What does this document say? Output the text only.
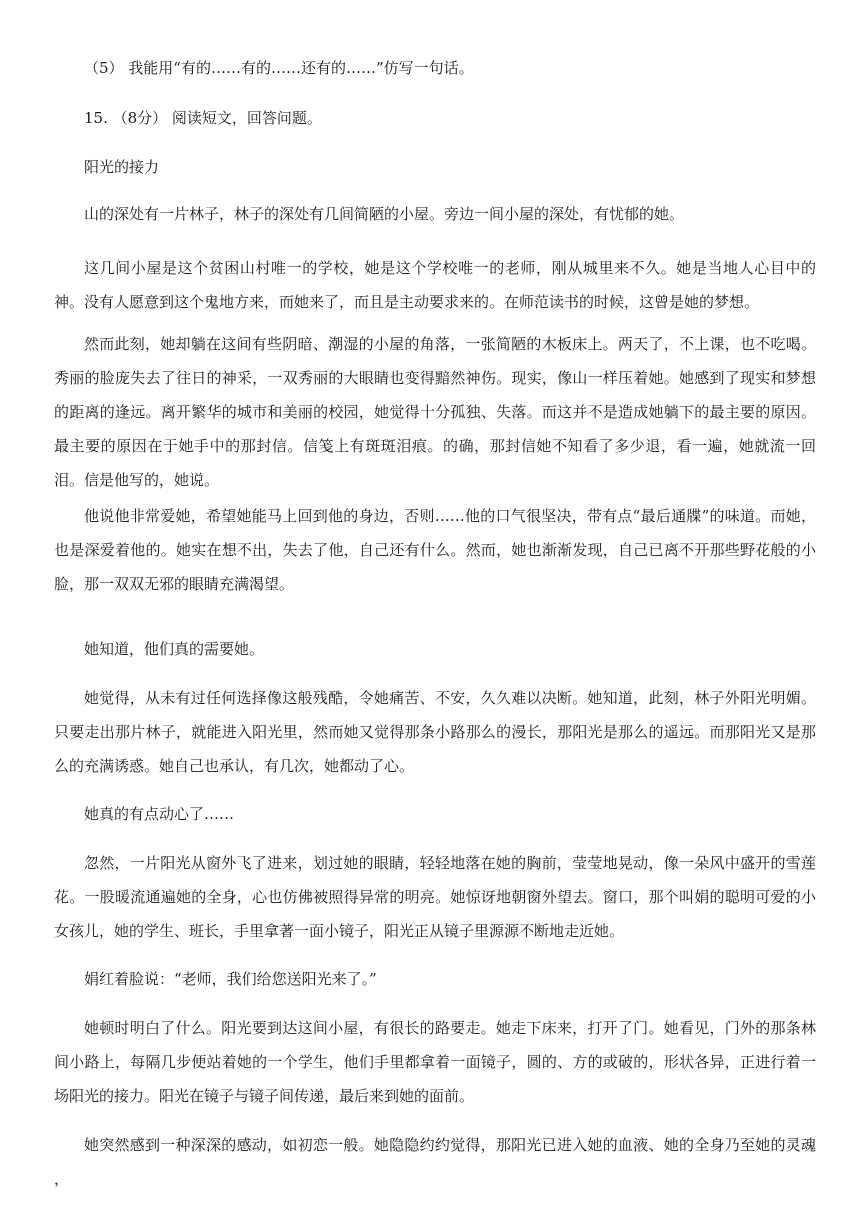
（5） 我能用“有的……有的……还有的……”仿写一句话。
15. （8分） 阅读短文，回答问题。
阳光的接力
山的深处有一片林子，林子的深处有几间简陋的小屋。旁边一间小屋的深处，有忧郁的她。
这几间小屋是这个贫困山村唯一的学校，她是这个学校唯一的老师，刚从城里来不久。她是当地人心目中的神。没有人愿意到这个鬼地方来，而她来了，而且是主动要求来的。在师范读书的时候，这曾是她的梦想。
然而此刻，她却躺在这间有些阴暗、潮湿的小屋的角落，一张简陋的木板床上。两天了，不上课，也不吃喝。秀丽的脸庞失去了往日的神采，一双秀丽的大眼睛也变得黯然神伤。现实，像山一样压着她。她感到了现实和梦想的距离的逢远。离开繁华的城市和美丽的校园，她觉得十分孤独、失落。而这并不是造成她躺下的最主要的原因。最主要的原因在于她手中的那封信。信笺上有斑斑泪痕。的确，那封信她不知看了多少退，看一遍，她就流一回泪。信是他写的，她说。
他说他非常爱她，希望她能马上回到他的身边，否则……他的口气很坚决，带有点“最后通牒”的味道。而她，也是深爱着他的。她实在想不出，失去了他，自己还有什么。然而，她也渐渐发现，自己已离不开那些野花般的小脸，那一双双无邪的眼睛充满渴望。
她知道，他们真的需要她。
她觉得，从未有过任何选择像这般残酷，令她痛苦、不安，久久难以决断。她知道，此刻，林子外阳光明媚。只要走出那片林子，就能进入阳光里，然而她又觉得那条小路那么的漫长，那阳光是那么的遥远。而那阳光又是那么的充满诱惑。她自己也承认，有几次，她都动了心。
她真的有点动心了……
忽然，一片阳光从窗外飞了进来，划过她的眼睛，轻轻地落在她的胸前，莹莹地晃动，像一朵风中盛开的雪莲花。一股暖流通遍她的全身，心也仿佛被照得异常的明亮。她惊讶地朝窗外望去。窗口，那个叫娟的聪明可爱的小女孩儿，她的学生、班长，手里拿著一面小镜子，阳光正从镜子里源源不断地走近她。
娟红着脸说：“老师，我们给您送阳光来了。”
她顿时明白了什么。阳光要到达这间小屋，有很长的路要走。她走下床来，打开了门。她看见，门外的那条林间小路上，每隔几步便站着她的一个学生，他们手里都拿着一面镜子，圆的、方的或破的，形状各异，正进行着一场阳光的接力。阳光在镜子与镜子间传递，最后来到她的面前。
她突然感到一种深深的感动，如初恋一般。她隐隐约约觉得，那阳光已进入她的血液、她的全身乃至她的灵魂 ，
